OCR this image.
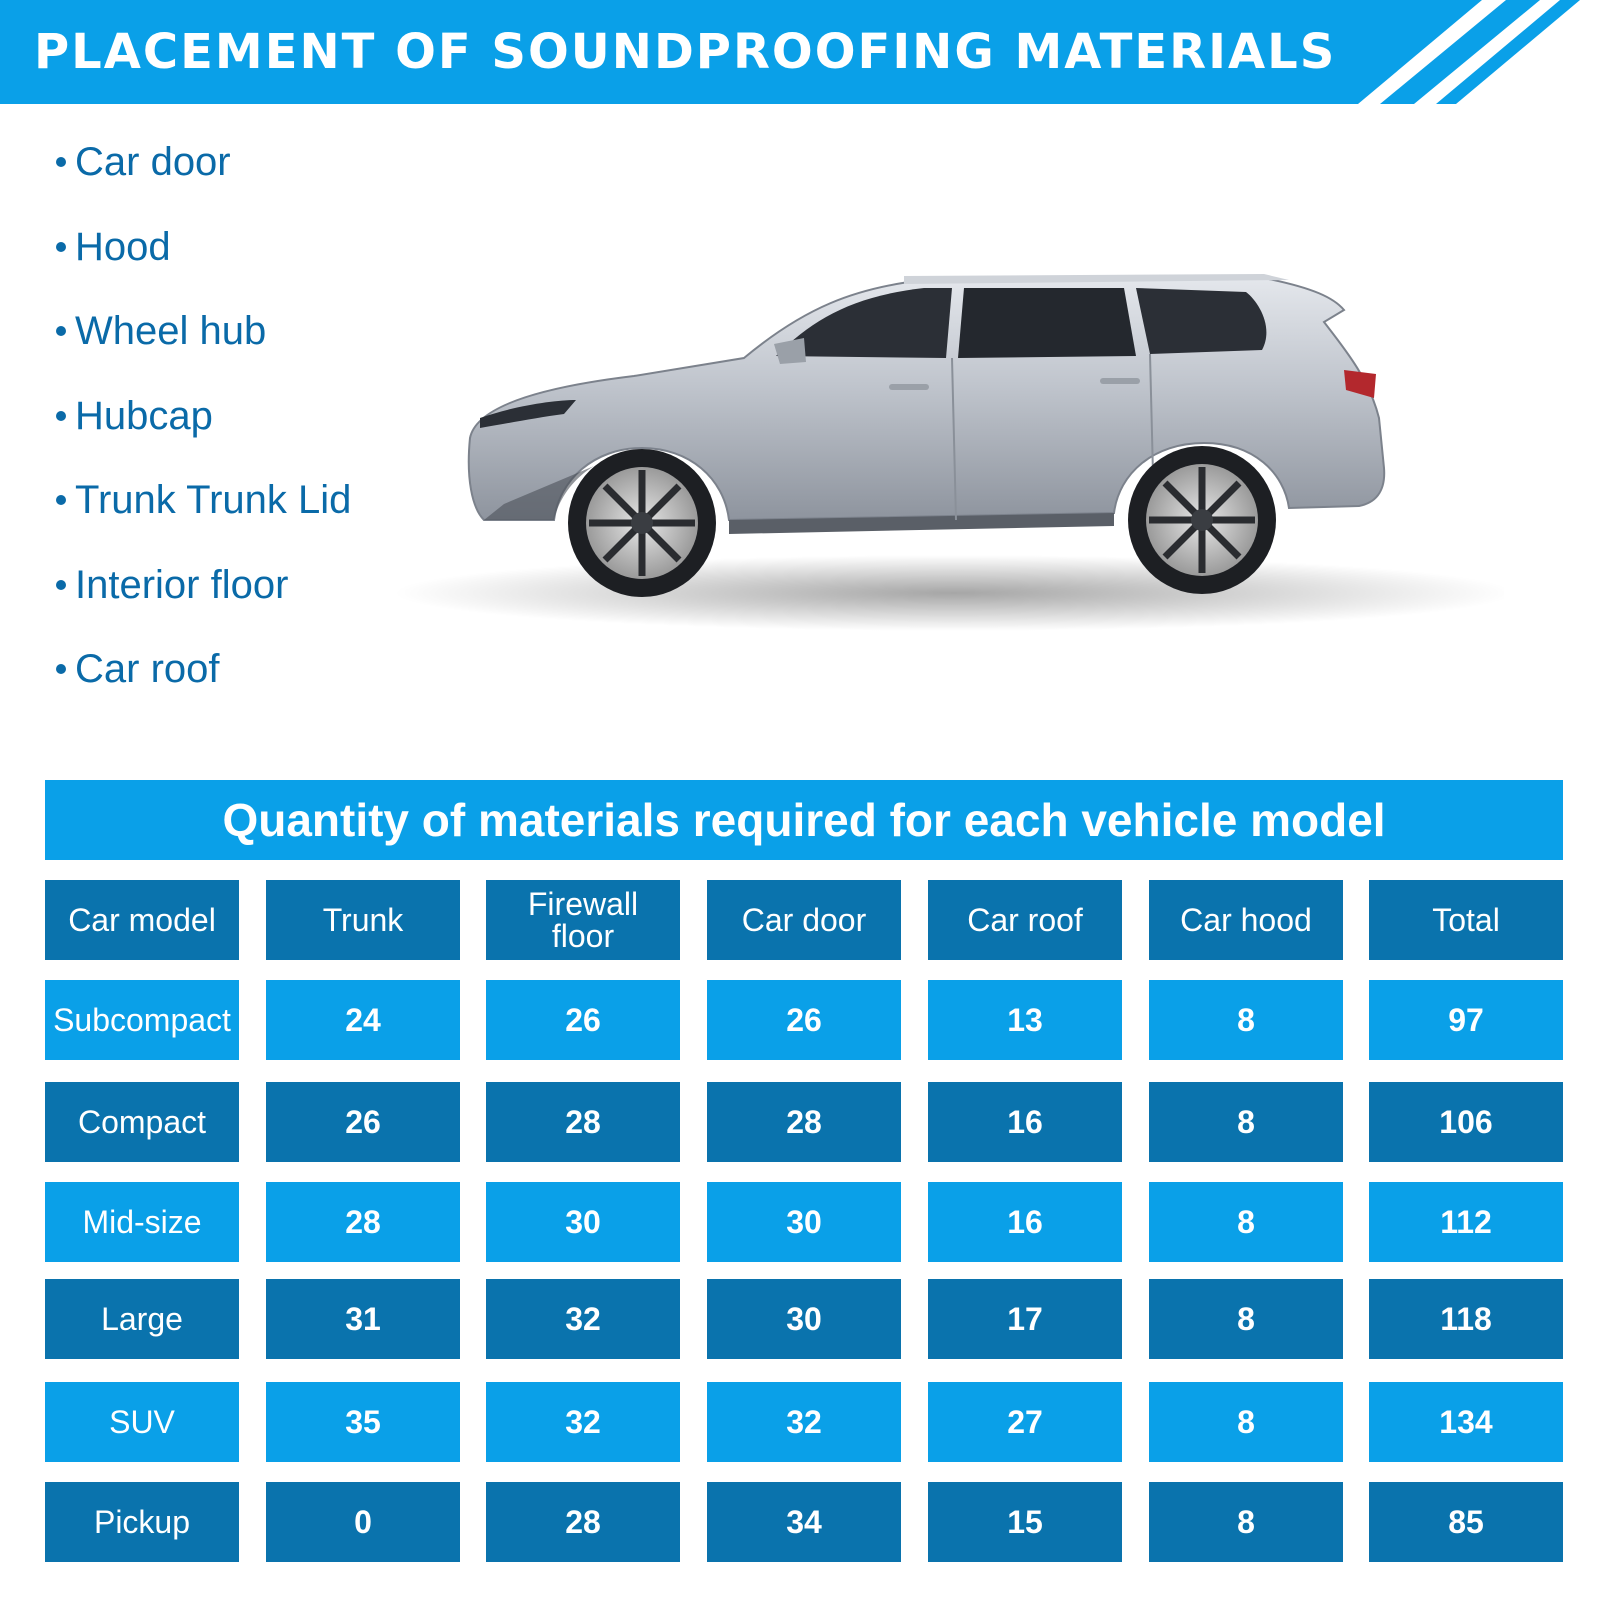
PLACEMENT OF SOUNDPROOFING MATERIALS
Car door
Hood
Wheel hub
Hubcap
Trunk Trunk Lid
Interior floor
Car roof
Quantity of materials required for each vehicle model
Car model	Trunk	Firewall floor	Car door	Car roof	Car hood	Total
Subcompact	24	26	26	13	8	97
Compact	26	28	28	16	8	106
Mid-size	28	30	30	16	8	112
Large	31	32	30	17	8	118
SUV	35	32	32	27	8	134
Pickup	0	28	34	15	8	85
